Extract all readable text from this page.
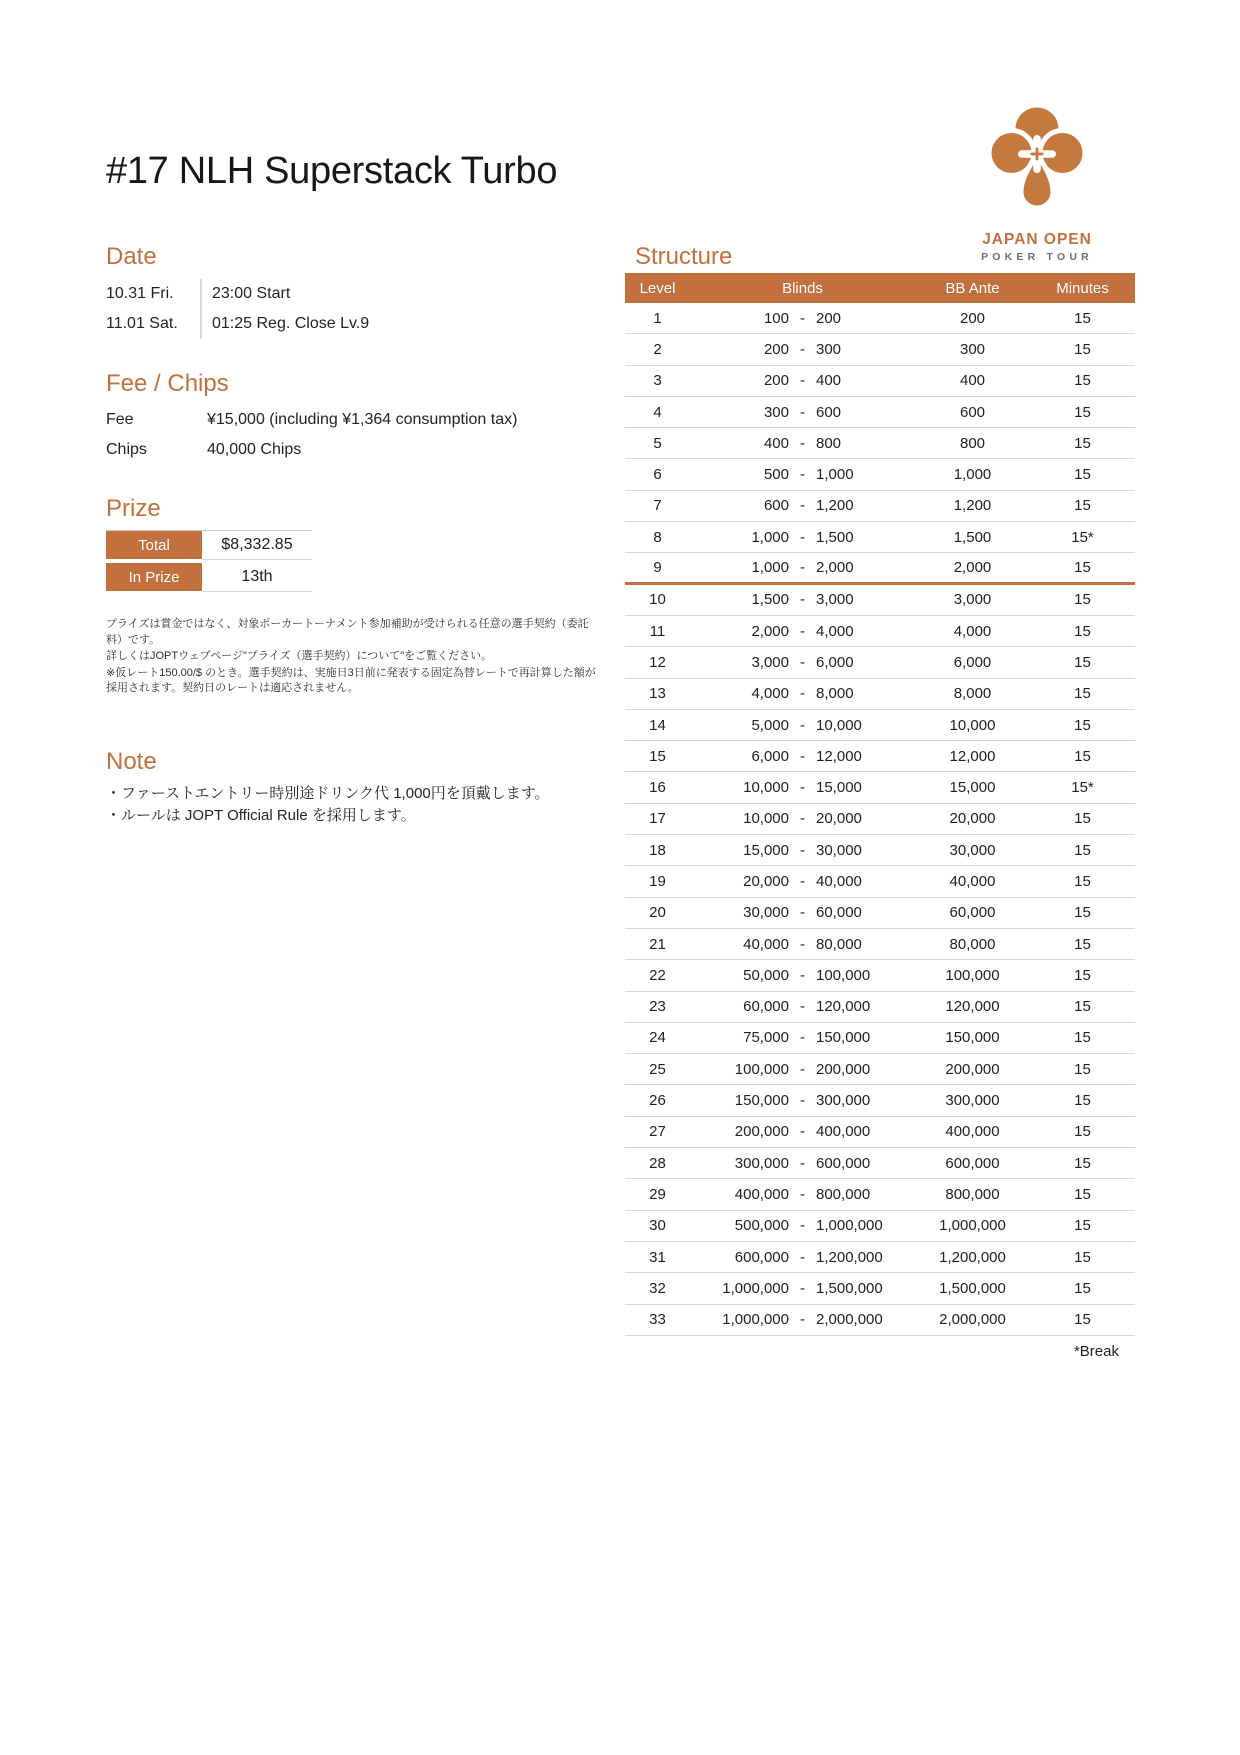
#17 NLH Superstack Turbo
JAPAN OPEN
POKER TOUR
Date
10.31 Fri.	23:00 Start
11.01 Sat.	01:25 Reg. Close Lv.9
Fee / Chips
Fee	¥15,000 (including ¥1,364 consumption tax)
Chips	40,000 Chips
Prize
Total	$8,332.85
In Prize	13th

プライズは賞金ではなく、対象ポーカートーナメント参加補助が受けられる任意の選手契約（委託料）です。

詳しくはJOPTウェブページ"プライズ（選手契約）について"をご覧ください。

※仮レート150.00/$ のとき。選手契約は、実施日3日前に発表する固定為替レートで再計算した額が採用されます。契約日のレートは適応されません。

Note
・ファーストエントリー時別途ドリンク代 1,000円を頂戴します。
・ルールは JOPT Official Rule を採用します。
Structure
Level	Blinds	BB Ante	Minutes
1	100 - 200	200	15
2	200 - 300	300	15
3	200 - 400	400	15
4	300 - 600	600	15
5	400 - 800	800	15
6	500 - 1,000	1,000	15
7	600 - 1,200	1,200	15
8	1,000 - 1,500	1,500	15*
9	1,000 - 2,000	2,000	15
10	1,500 - 3,000	3,000	15
11	2,000 - 4,000	4,000	15
12	3,000 - 6,000	6,000	15
13	4,000 - 8,000	8,000	15
14	5,000 - 10,000	10,000	15
15	6,000 - 12,000	12,000	15
16	10,000 - 15,000	15,000	15*
17	10,000 - 20,000	20,000	15
18	15,000 - 30,000	30,000	15
19	20,000 - 40,000	40,000	15
20	30,000 - 60,000	60,000	15
21	40,000 - 80,000	80,000	15
22	50,000 - 100,000	100,000	15
23	60,000 - 120,000	120,000	15
24	75,000 - 150,000	150,000	15
25	100,000 - 200,000	200,000	15
26	150,000 - 300,000	300,000	15
27	200,000 - 400,000	400,000	15
28	300,000 - 600,000	600,000	15
29	400,000 - 800,000	800,000	15
30	500,000 - 1,000,000	1,000,000	15
31	600,000 - 1,200,000	1,200,000	15
32	1,000,000 - 1,500,000	1,500,000	15
33	1,000,000 - 2,000,000	2,000,000	15
*Break
